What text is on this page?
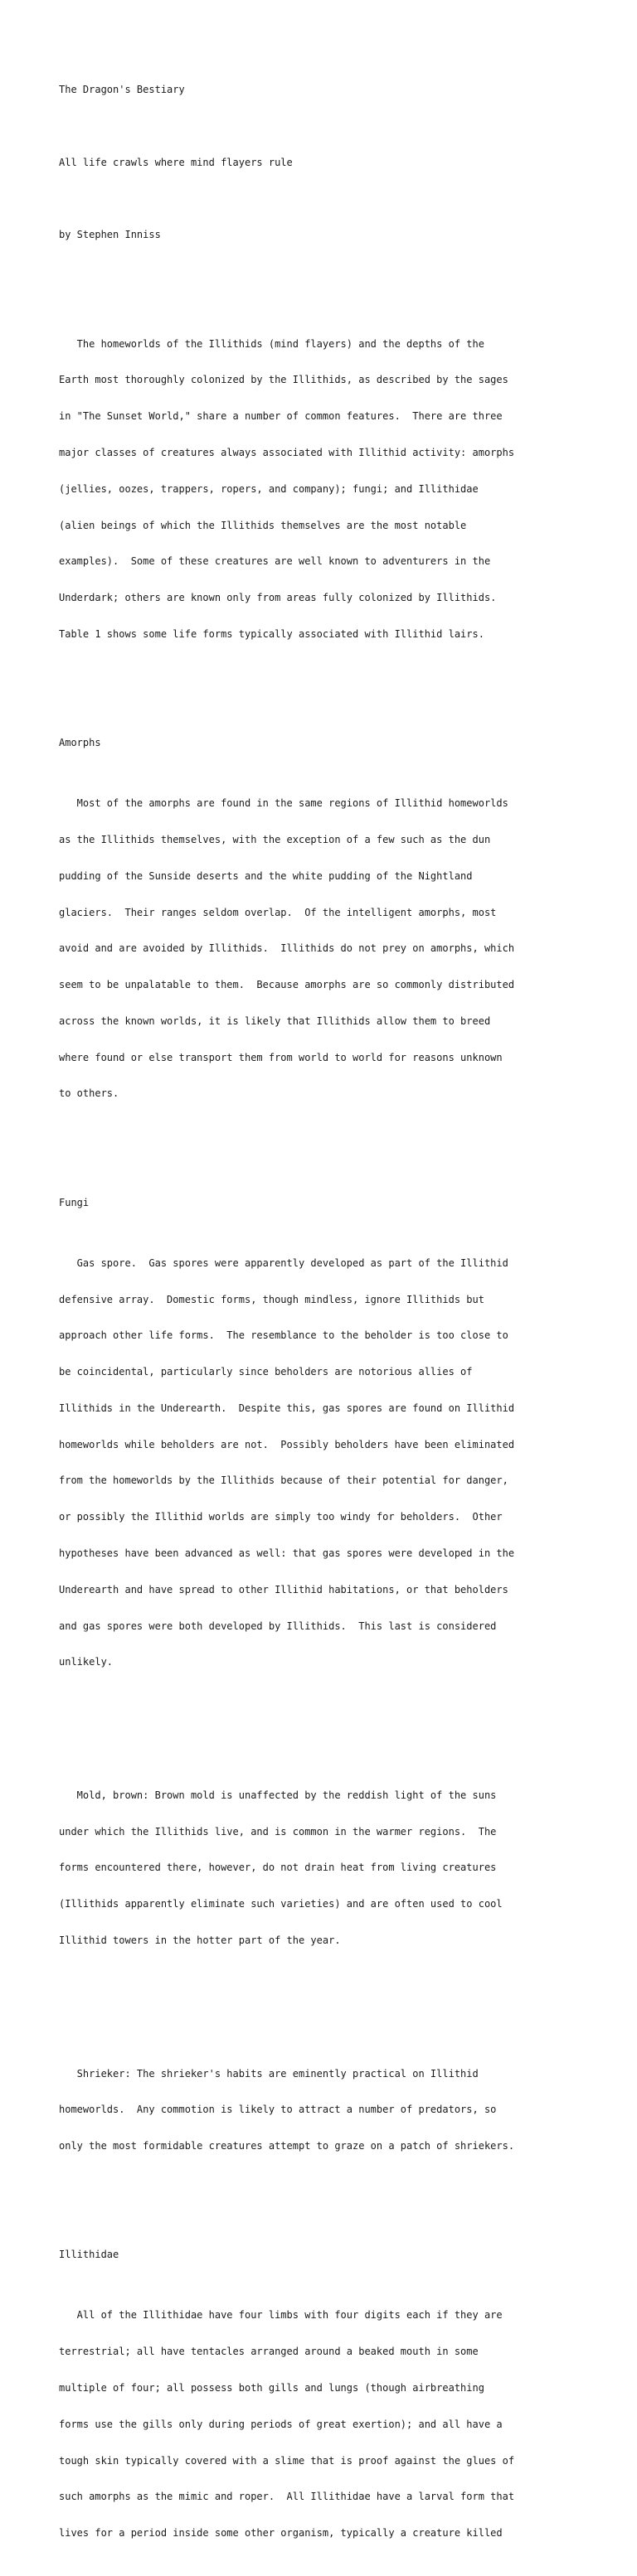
The Dragon's Bestiary

All life crawls where mind flayers rule

by Stephen Inniss

The homeworlds of the Illithids (mind flayers) and the depths of the

Earth most thoroughly colonized by the Illithids, as described by the sages

in "The Sunset World," share a number of common features.  There are three

major classes of creatures always associated with Illithid activity: amorphs

(jellies, oozes, trappers, ropers, and company); fungi; and Illithidae

(alien beings of which the Illithids themselves are the most notable

examples).  Some of these creatures are well known to adventurers in the

Underdark; others are known only from areas fully colonized by Illithids.

Table 1 shows some life forms typically associated with Illithid lairs.

Amorphs

Most of the amorphs are found in the same regions of Illithid homeworlds

as the Illithids themselves, with the exception of a few such as the dun

pudding of the Sunside deserts and the white pudding of the Nightland

glaciers.  Their ranges seldom overlap.  Of the intelligent amorphs, most

avoid and are avoided by Illithids.  Illithids do not prey on amorphs, which

seem to be unpalatable to them.  Because amorphs are so commonly distributed

across the known worlds, it is likely that Illithids allow them to breed

where found or else transport them from world to world for reasons unknown

to others.

Fungi

Gas spore.  Gas spores were apparently developed as part of the Illithid

defensive array.  Domestic forms, though mindless, ignore Illithids but

approach other life forms.  The resemblance to the beholder is too close to

be coincidental, particularly since beholders are notorious allies of

Illithids in the Underearth.  Despite this, gas spores are found on Illithid

homeworlds while beholders are not.  Possibly beholders have been eliminated

from the homeworlds by the Illithids because of their potential for danger,

or possibly the Illithid worlds are simply too windy for beholders.  Other

hypotheses have been advanced as well: that gas spores were developed in the

Underearth and have spread to other Illithid habitations, or that beholders

and gas spores were both developed by Illithids.  This last is considered

unlikely.

Mold, brown: Brown mold is unaffected by the reddish light of the suns

under which the Illithids live, and is common in the warmer regions.  The

forms encountered there, however, do not drain heat from living creatures

(Illithids apparently eliminate such varieties) and are often used to cool

Illithid towers in the hotter part of the year.

Shrieker: The shrieker's habits are eminently practical on Illithid

homeworlds.  Any commotion is likely to attract a number of predators, so

only the most formidable creatures attempt to graze on a patch of shriekers.

Illithidae

All of the Illithidae have four limbs with four digits each if they are

terrestrial; all have tentacles arranged around a beaked mouth in some

multiple of four; all possess both gills and lungs (though airbreathing

forms use the gills only during periods of great exertion); and all have a

tough skin typically covered with a slime that is proof against the glues of

such amorphs as the mimic and roper.  All Illithidae have a larval form that

lives for a period inside some other organism, typically a creature killed
